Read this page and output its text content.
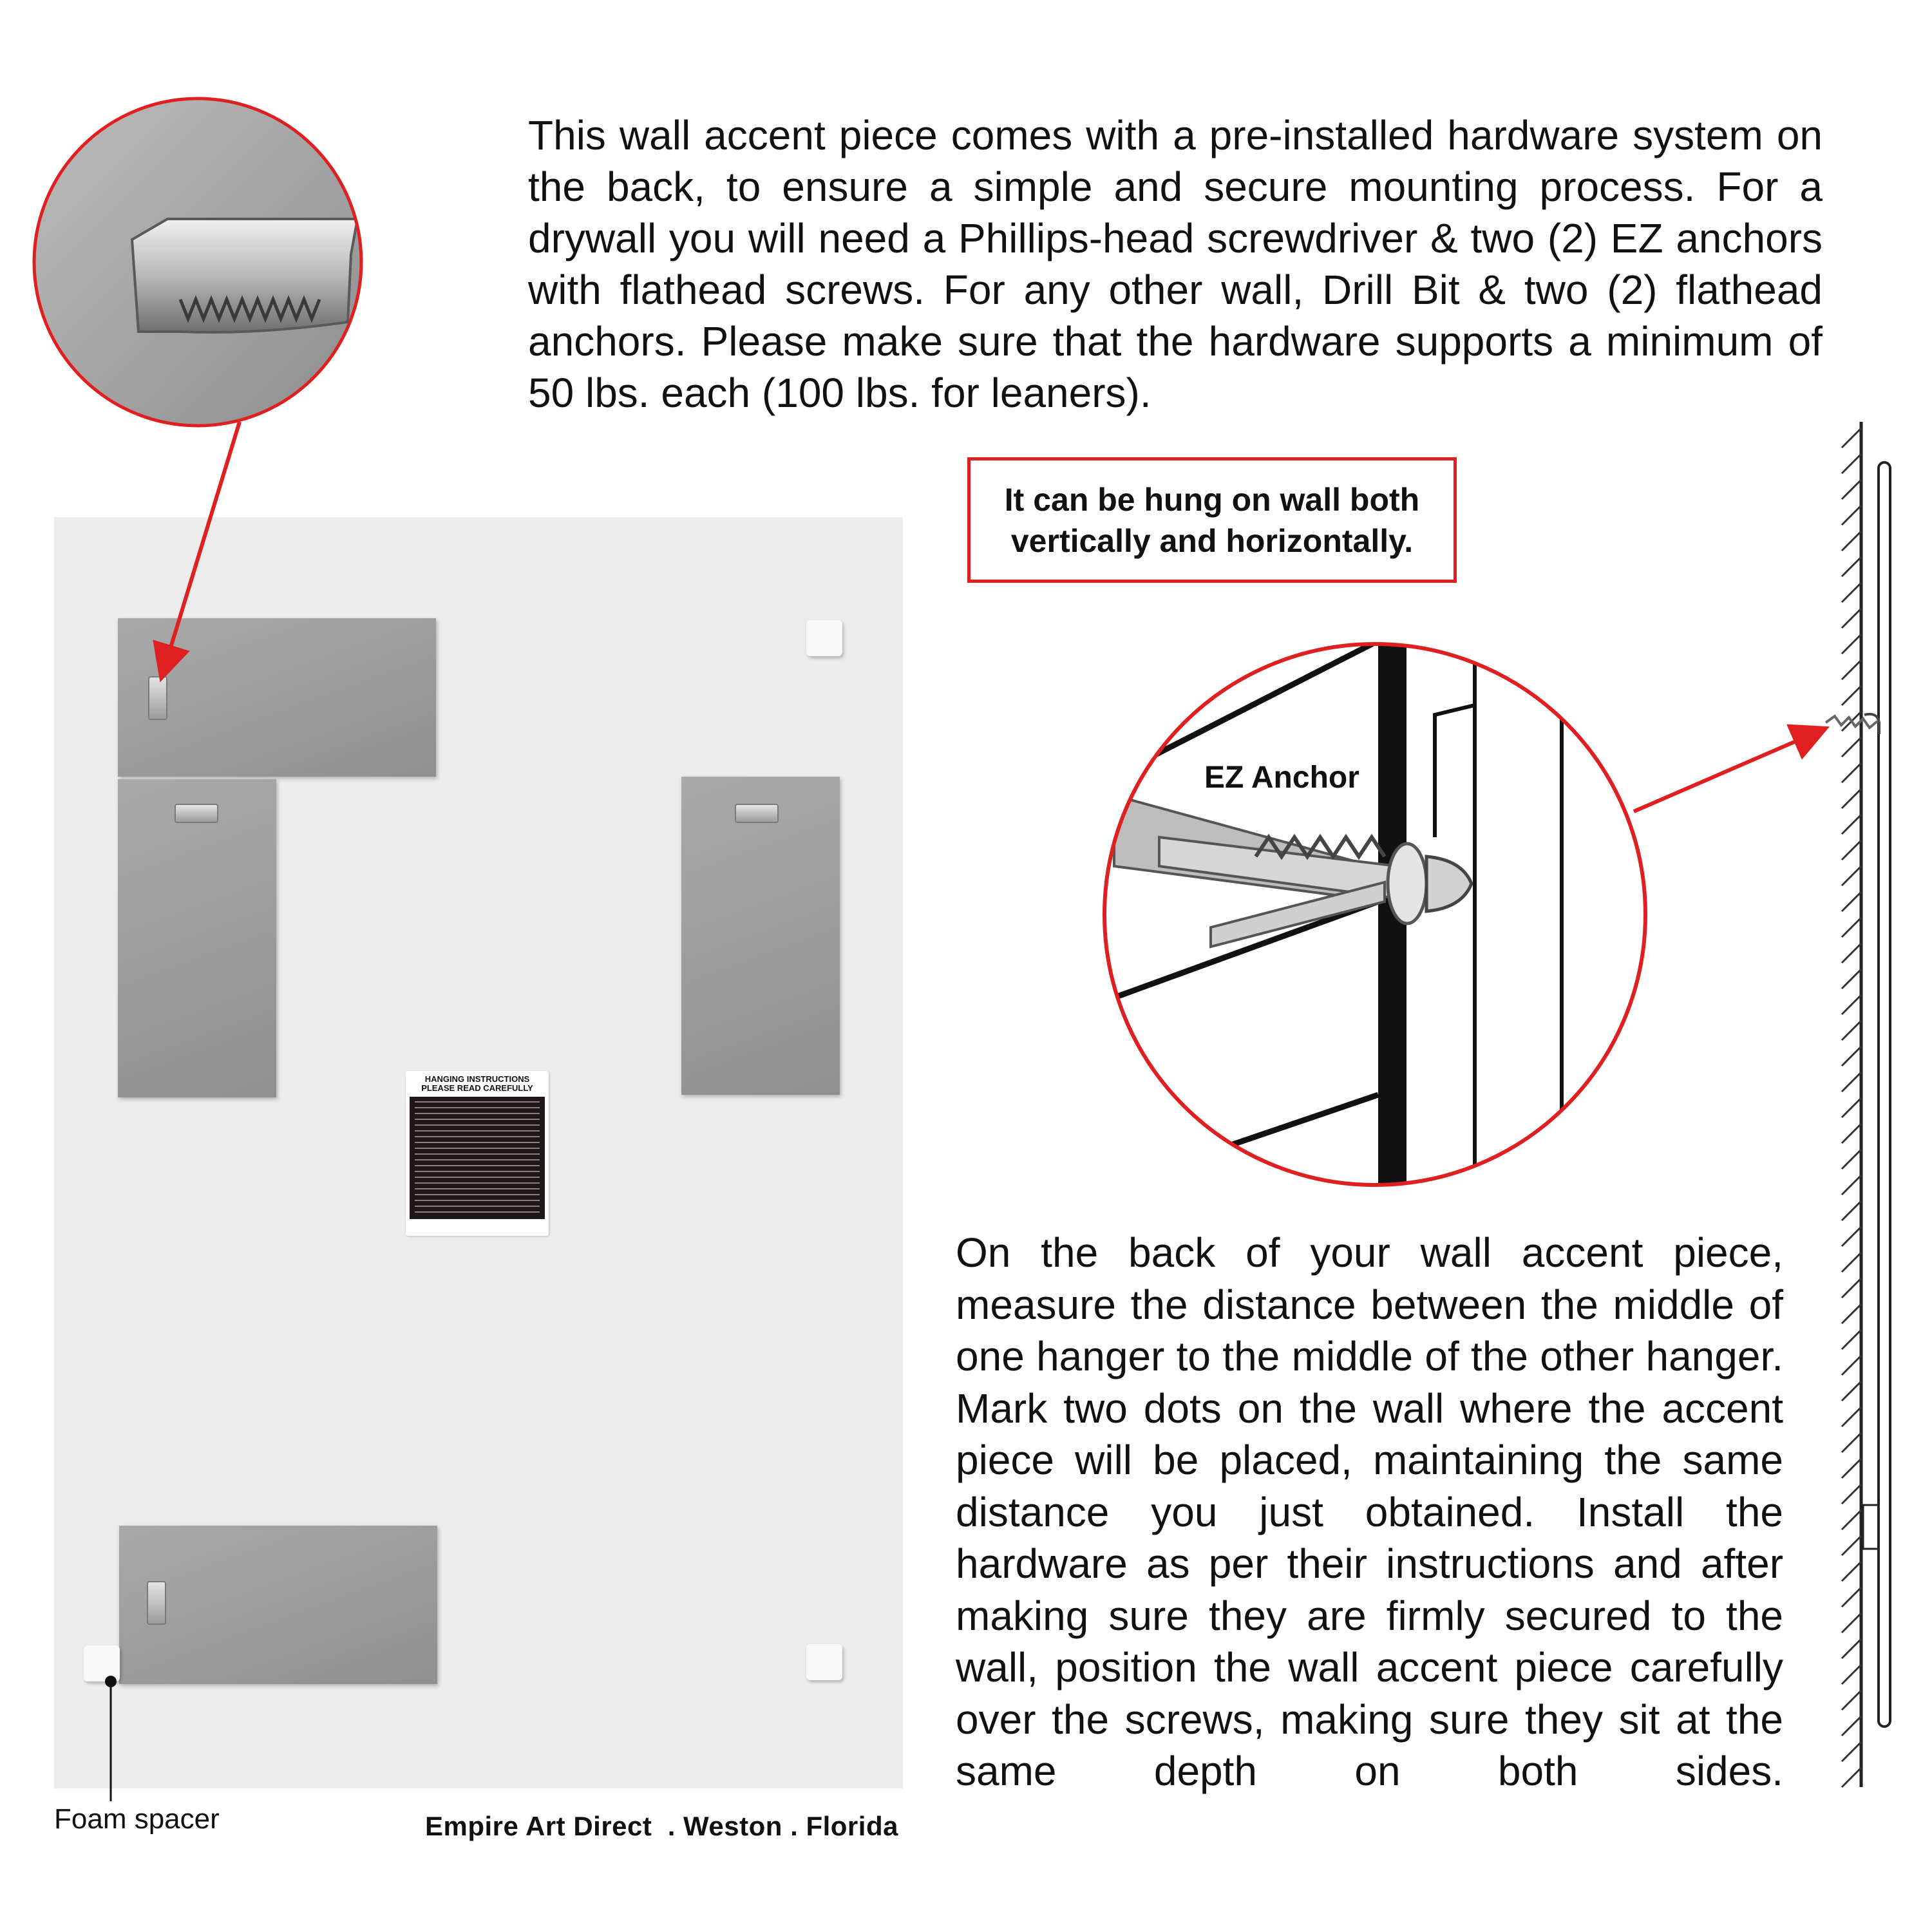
This wall accent piece comes with a pre-installed hardware system on the back, to ensure a simple and secure mounting process. For a drywall you will need a Phillips-head screwdriver & two (2) EZ anchors with flathead screws. For any other wall, Drill Bit & two (2) flathead anchors. Please make sure that the hardware supports a minimum of 50 lbs. each (100 lbs. for leaners).
It can be hung on wall both vertically and horizontally.
HANGING INSTRUCTIONS
PLEASE READ CAREFULLY
EZ Anchor
On the back of your wall accent piece, measure the distance between the middle of one hanger to the middle of the other hanger. Mark two dots on the wall where the accent piece will be placed, maintaining the same distance you just obtained. Install the hardware as per their instructions and after making sure they are firmly secured to the wall, position the wall accent piece carefully over the screws, making sure they sit at the same depth on both sides.
Foam spacer	Empire Art Direct  . Weston . Florida
